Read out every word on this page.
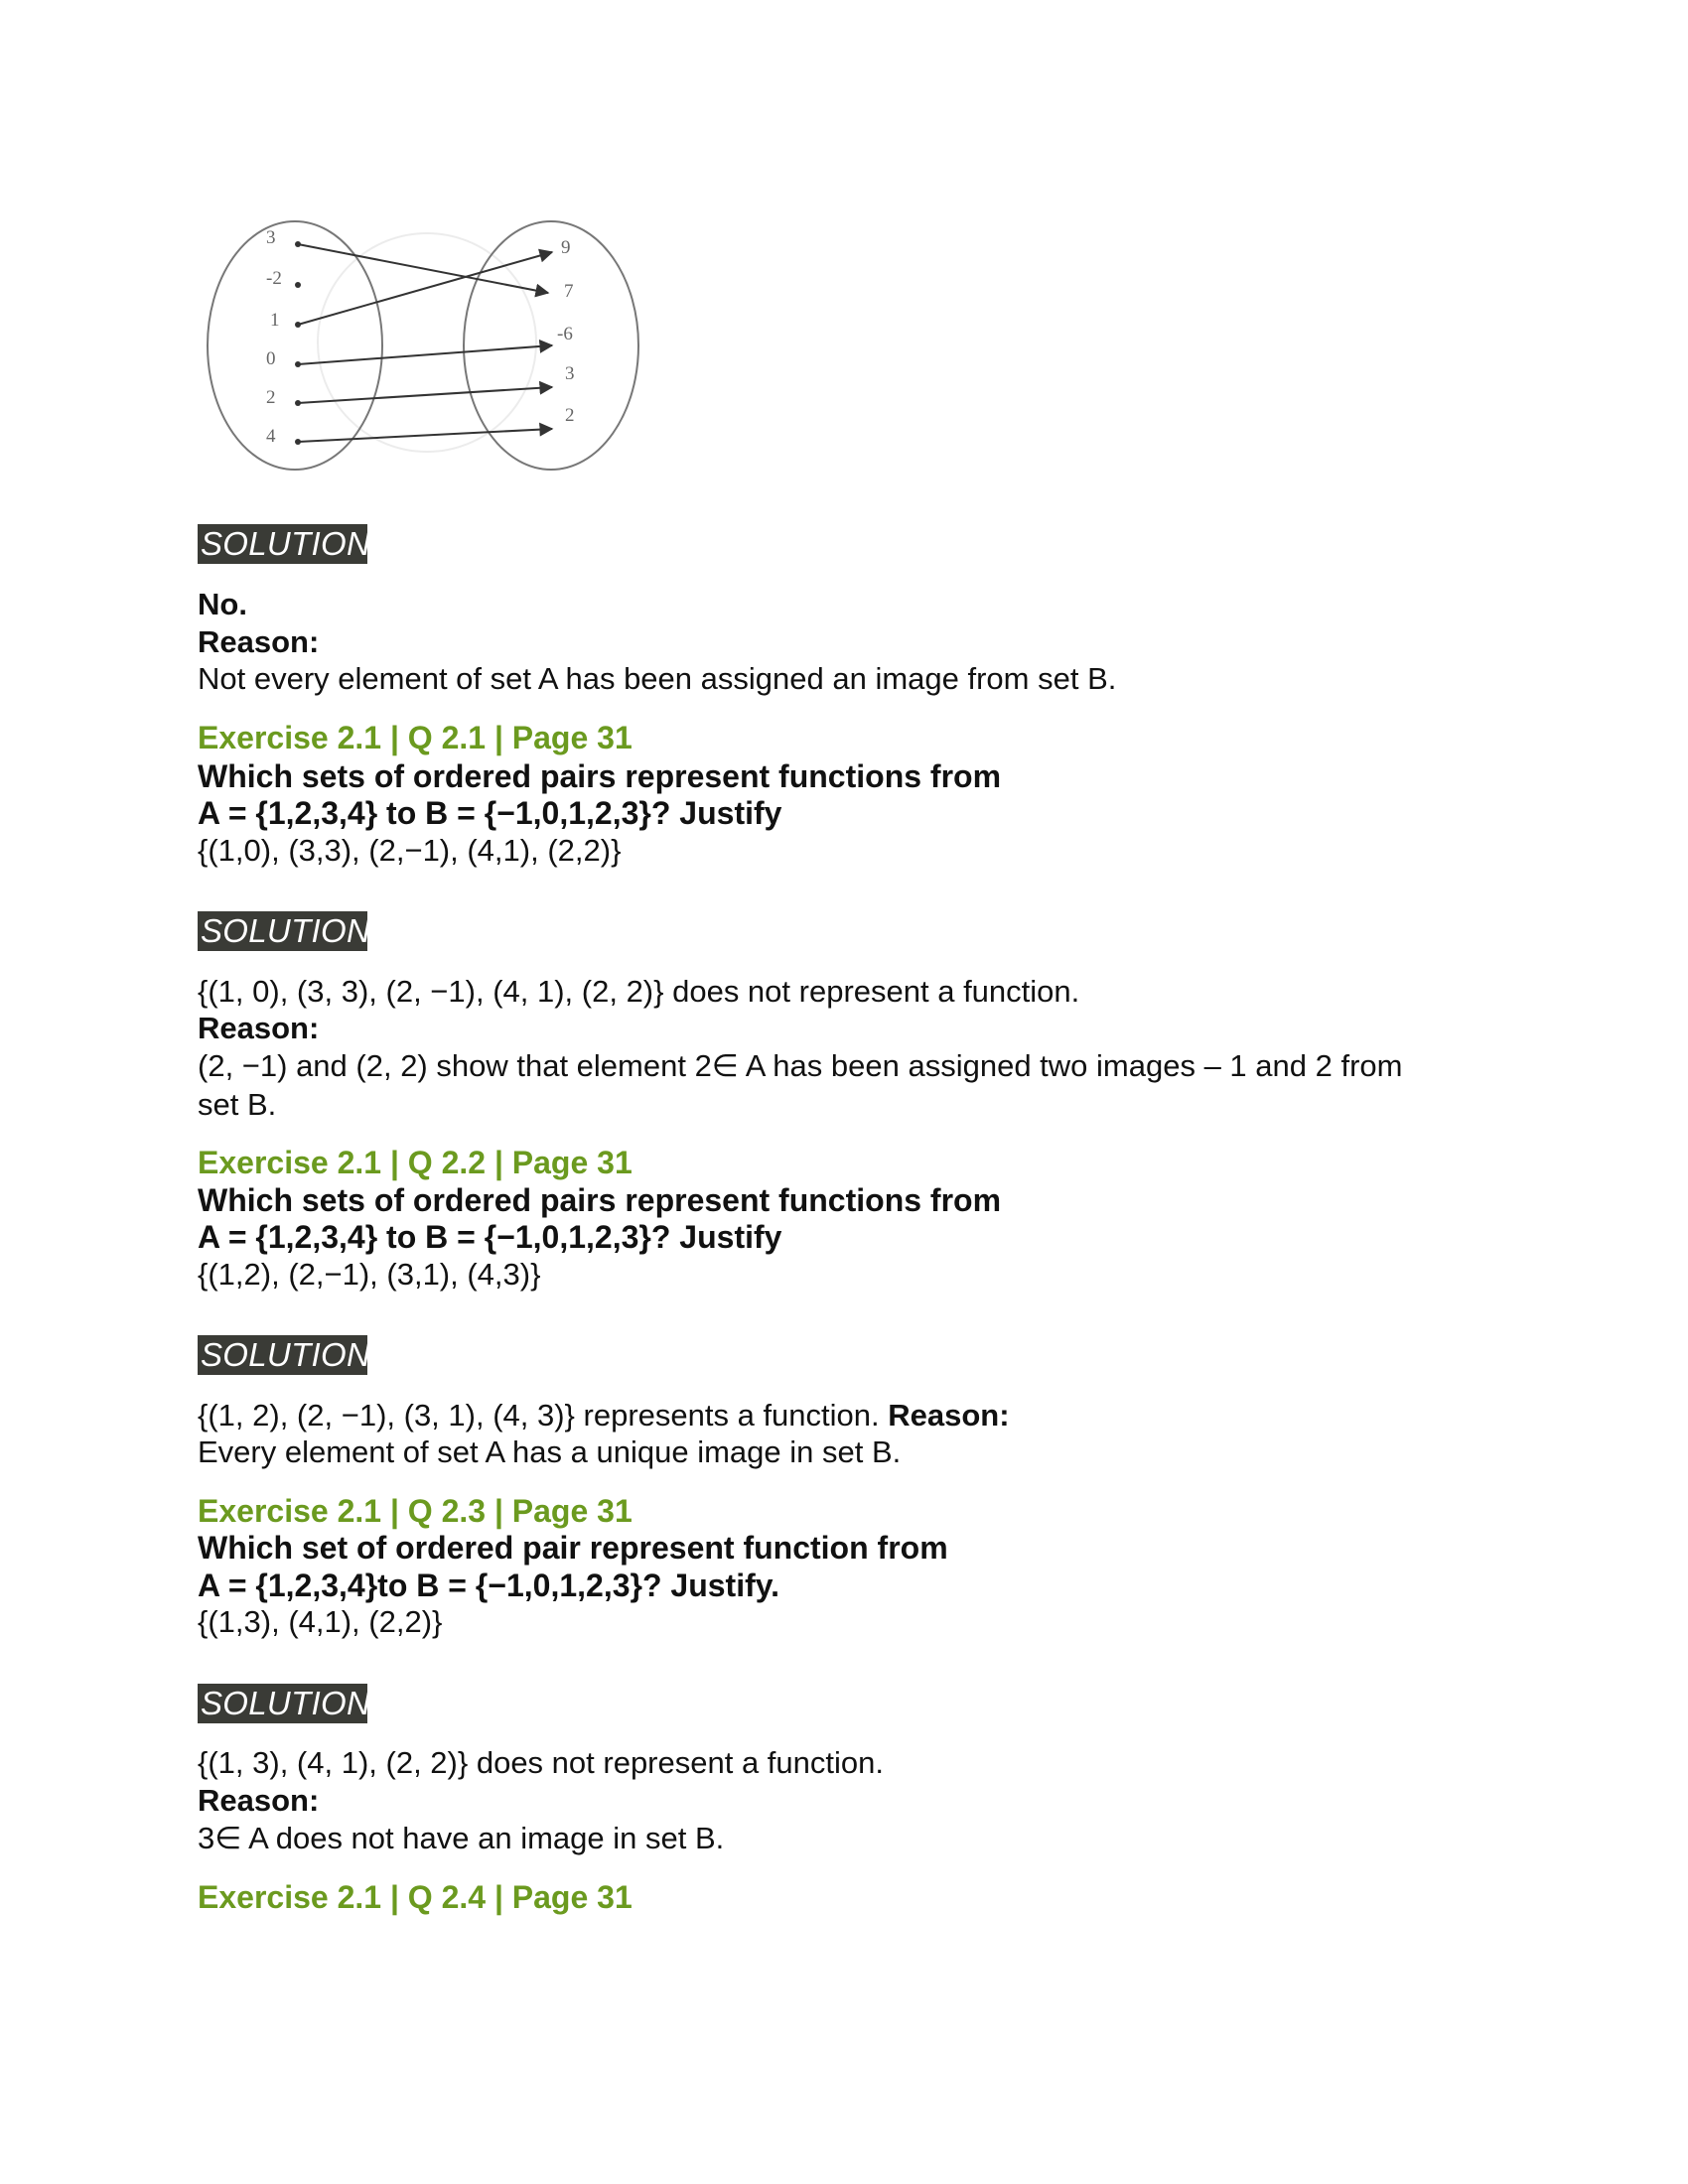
3
-2
1
0
2
4
9
7
-6
3
2
SOLUTION
No.
Reason:
Not every element of set A has been assigned an image from set B.
Exercise 2.1 | Q 2.1 | Page 31
Which sets of ordered pairs represent functions from
A = {1,2,3,4} to B = {−1,0,1,2,3}? Justify
{(1,0), (3,3), (2,−1), (4,1), (2,2)}
SOLUTION
{(1, 0), (3, 3), (2, −1), (4, 1), (2, 2)} does not represent a function.
Reason:
(2, −1) and (2, 2) show that element 2∈ A has been assigned two images – 1 and 2 from
set B.
Exercise 2.1 | Q 2.2 | Page 31
Which sets of ordered pairs represent functions from
A = {1,2,3,4} to B = {−1,0,1,2,3}? Justify
{(1,2), (2,−1), (3,1), (4,3)}
SOLUTION
{(1, 2), (2, −1), (3, 1), (4, 3)} represents a function. Reason:
Every element of set A has a unique image in set B.
Exercise 2.1 | Q 2.3 | Page 31
Which set of ordered pair represent function from
A = {1,2,3,4}to B = {−1,0,1,2,3}? Justify.
{(1,3), (4,1), (2,2)}
SOLUTION
{(1, 3), (4, 1), (2, 2)} does not represent a function.
Reason:
3∈ A does not have an image in set B.
Exercise 2.1 | Q 2.4 | Page 31
